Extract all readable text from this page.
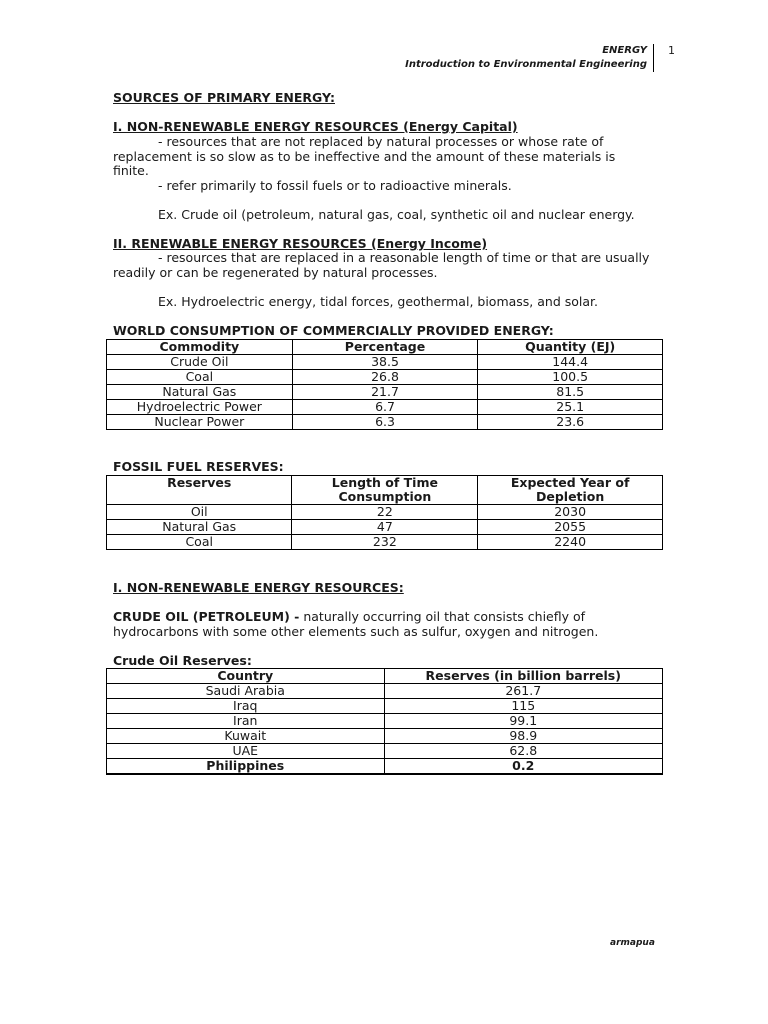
ENERGY
Introduction to Environmental Engineering
1
SOURCES OF PRIMARY ENERGY:
I. NON-RENEWABLE ENERGY RESOURCES (Energy Capital)
- resources that are not replaced by natural processes or whose rate of
replacement is so slow as to be ineffective and the amount of these materials is
finite.
- refer primarily to fossil fuels or to radioactive minerals.
Ex. Crude oil (petroleum, natural gas, coal, synthetic oil and nuclear energy.
II. RENEWABLE ENERGY RESOURCES (Energy Income)
- resources that are replaced in a reasonable length of time or that are usually
readily or can be regenerated by natural processes.
Ex. Hydroelectric energy, tidal forces, geothermal, biomass, and solar.
WORLD CONSUMPTION OF COMMERCIALLY PROVIDED ENERGY:
Commodity	Percentage	Quantity (EJ)
Crude Oil	38.5	144.4
Coal	26.8	100.5
Natural Gas	21.7	81.5
Hydroelectric Power	6.7	25.1
Nuclear Power	6.3	23.6
FOSSIL FUEL RESERVES:
Reserves	Length of Time Consumption	Expected Year of Depletion
Oil	22	2030
Natural Gas	47	2055
Coal	232	2240
I. NON-RENEWABLE ENERGY RESOURCES:
CRUDE OIL (PETROLEUM) - naturally occurring oil that consists chiefly of
hydrocarbons with some other elements such as sulfur, oxygen and nitrogen.
Crude Oil Reserves:
Country	Reserves (in billion barrels)
Saudi Arabia	261.7
Iraq	115
Iran	99.1
Kuwait	98.9
UAE	62.8
Philippines	0.2
armapua
